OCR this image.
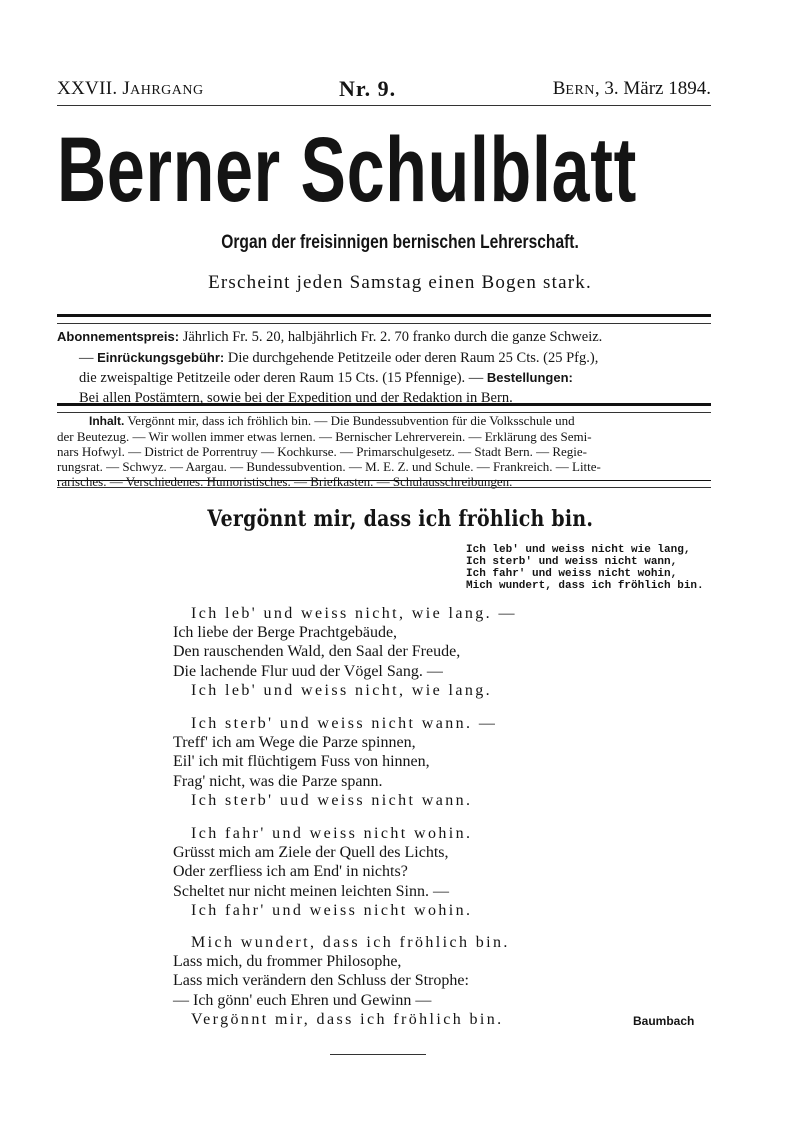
XXVII. JAHRGANG	Nr. 9.	BERN, 3. März 1894.
Berner Schulblatt
Organ der freisinnigen bernischen Lehrerschaft.
Erscheint jeden Samstag einen Bogen stark.

Abonnementspreis: Jährlich Fr. 5. 20, halbjährlich Fr. 2. 70 franko durch die ganze Schweiz.

— Einrückungsgebühr: Die durchgehende Petitzeile oder deren Raum 25 Cts. (25 Pfg.),

die zweispaltige Petitzeile oder deren Raum 15 Cts. (15 Pfennige). — Bestellungen:

Bei allen Postämtern, sowie bei der Expedition und der Redaktion in Bern.

Inhalt. Vergönnt mir, dass ich fröhlich bin. — Die Bundessubvention für die Volksschule und

der Beutezug. — Wir wollen immer etwas lernen. — Bernischer Lehrerverein. — Erklärung des Semi-

nars Hofwyl. — District de Porrentruy — Kochkurse. — Primarschulgesetz. — Stadt Bern. — Regie-

rungsrat. — Schwyz. — Aargau. — Bundessubvention. — M. E. Z. und Schule. — Frankreich. — Litte-

rarisches. — Verschiedenes. Humoristisches. — Briefkasten. — Schulausschreibungen.

Vergönnt mir, dass ich fröhlich bin.

Ich leb' und weiss nicht wie lang,

Ich sterb' und weiss nicht wann,

Ich fahr' und weiss nicht wohin,

Mich wundert, dass ich fröhlich bin.

Ich leb' und weiss nicht, wie lang. —

Ich liebe der Berge Prachtgebäude,

Den rauschenden Wald, den Saal der Freude,

Die lachende Flur uud der Vögel Sang. —

Ich leb' und weiss nicht, wie lang.

Ich sterb' und weiss nicht wann. —

Treff' ich am Wege die Parze spinnen,

Eil' ich mit flüchtigem Fuss von hinnen,

Frag' nicht, was die Parze spann.

Ich sterb' uud weiss nicht wann.

Ich fahr' und weiss nicht wohin.

Grüsst mich am Ziele der Quell des Lichts,

Oder zerfliess ich am End' in nichts?

Scheltet nur nicht meinen leichten Sinn. —

Ich fahr' und weiss nicht wohin.

Mich wundert, dass ich fröhlich bin.

Lass mich, du frommer Philosophe,

Lass mich verändern den Schluss der Strophe:

— Ich gönn' euch Ehren und Gewinn —

Vergönnt mir, dass ich fröhlich bin.	Baumbach
